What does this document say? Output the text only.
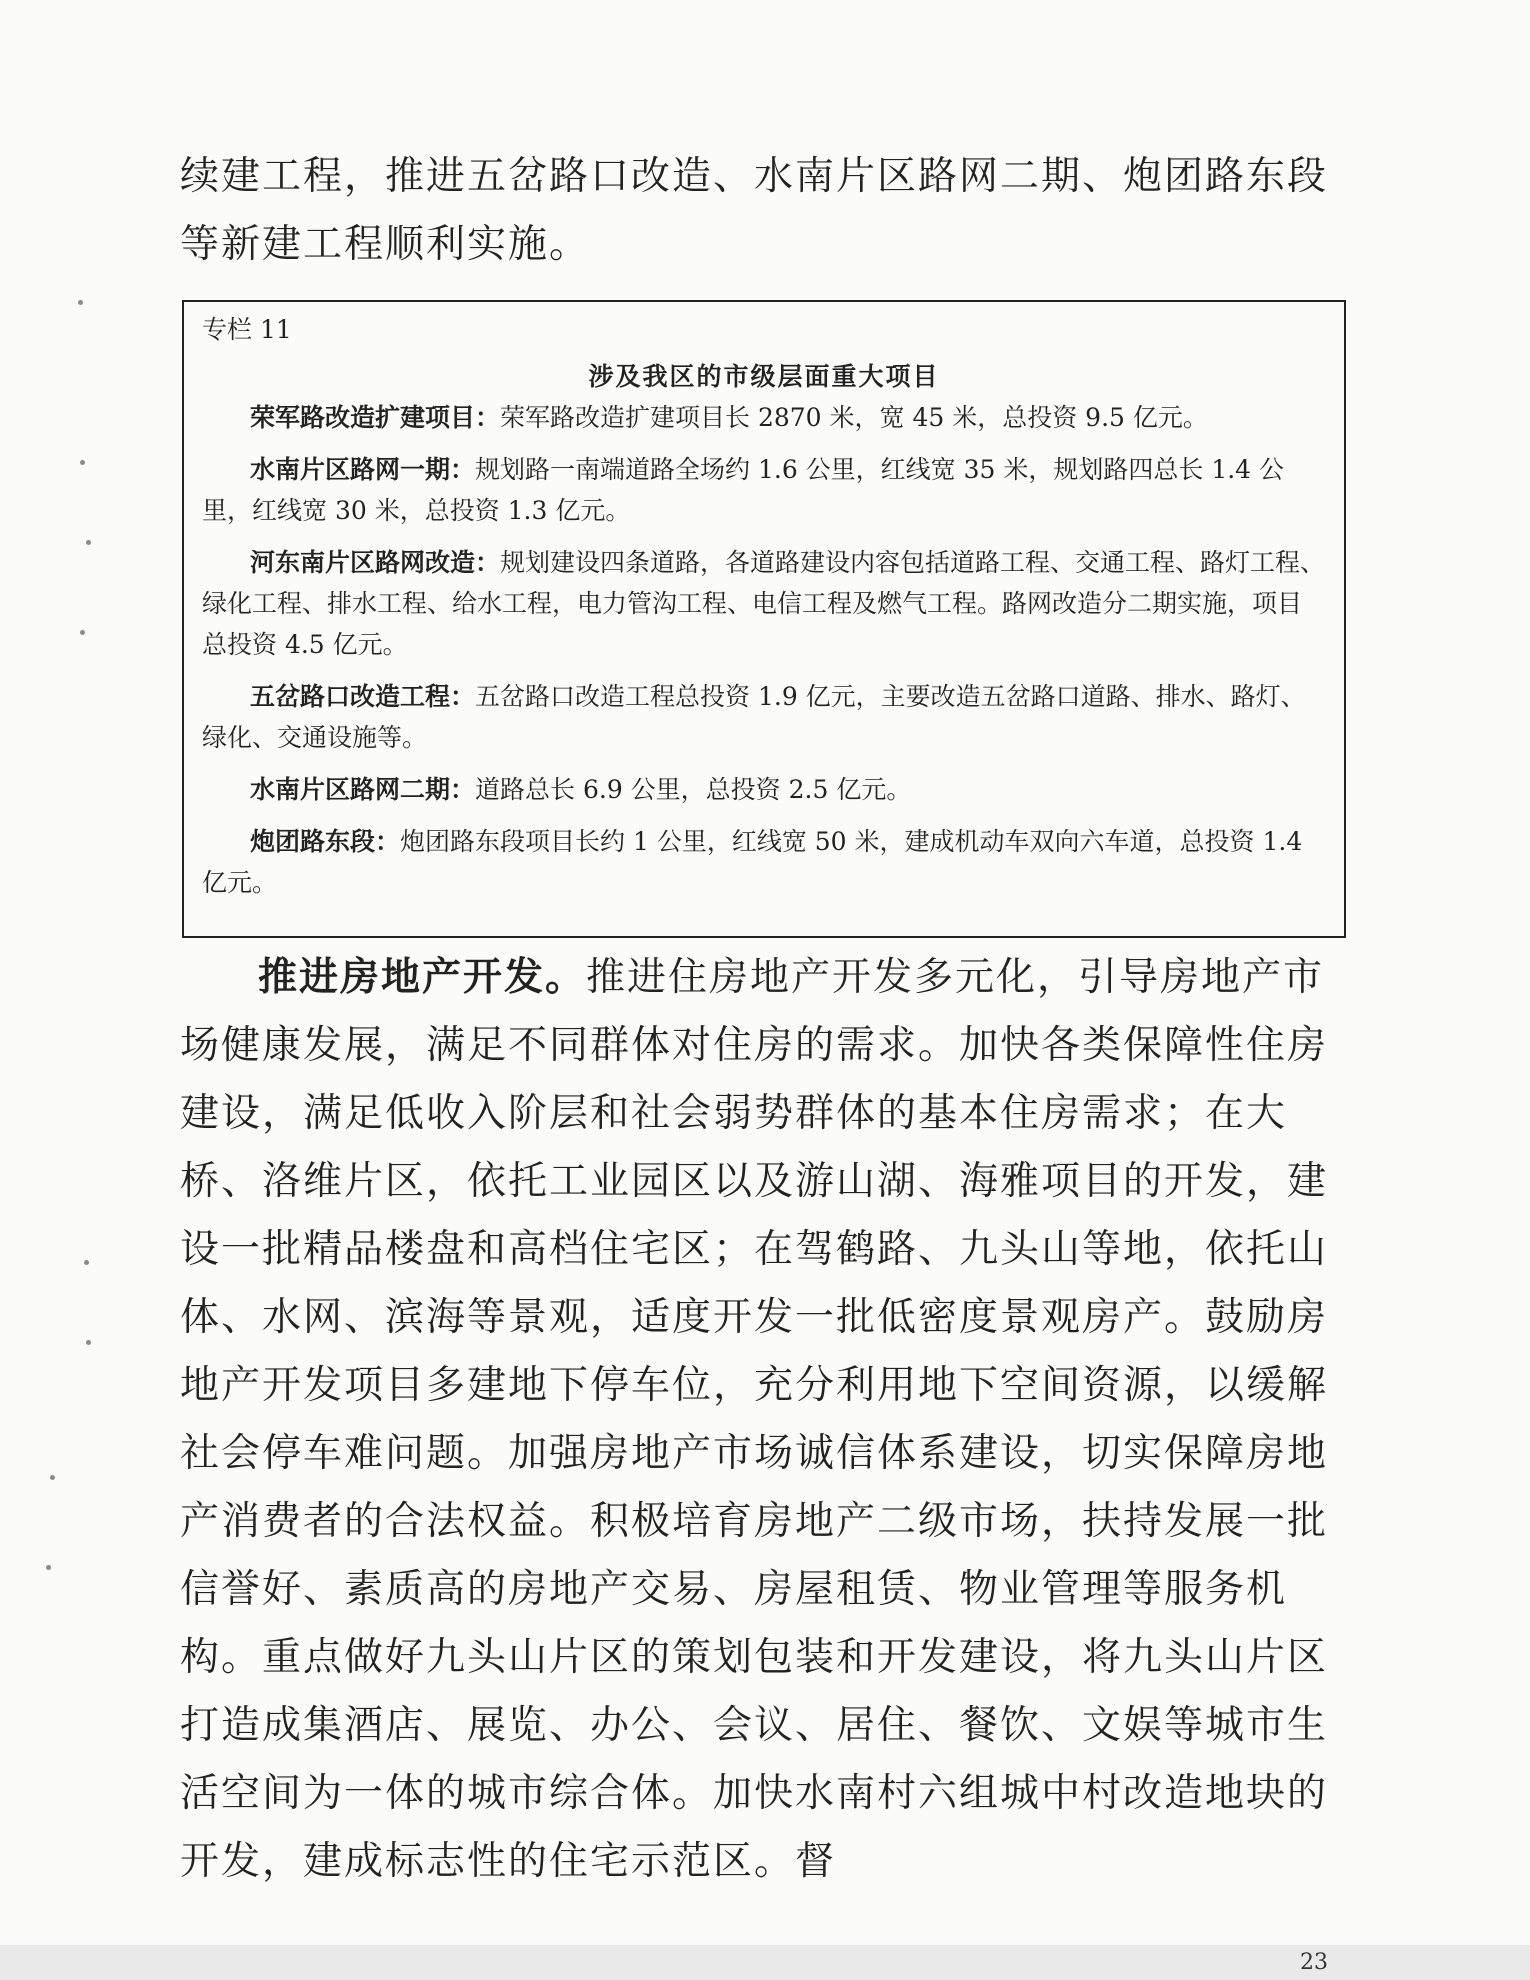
续建工程，推进五岔路口改造、水南片区路网二期、炮团路东段等新建工程顺利实施。

专栏 11

涉及我区的市级层面重大项目

荣军路改造扩建项目：荣军路改造扩建项目长 2870 米，宽 45 米，总投资 9.5 亿元。

水南片区路网一期：规划路一南端道路全场约 1.6 公里，红线宽 35 米，规划路四总长 1.4 公里，红线宽 30 米，总投资 1.3 亿元。

河东南片区路网改造：规划建设四条道路，各道路建设内容包括道路工程、交通工程、路灯工程、绿化工程、排水工程、给水工程，电力管沟工程、电信工程及燃气工程。路网改造分二期实施，项目总投资 4.5 亿元。

五岔路口改造工程：五岔路口改造工程总投资 1.9 亿元，主要改造五岔路口道路、排水、路灯、绿化、交通设施等。

水南片区路网二期：道路总长 6.9 公里，总投资 2.5 亿元。

炮团路东段：炮团路东段项目长约 1 公里，红线宽 50 米，建成机动车双向六车道，总投资 1.4 亿元。

推进房地产开发。推进住房地产开发多元化，引导房地产市场健康发展，满足不同群体对住房的需求。加快各类保障性住房建设，满足低收入阶层和社会弱势群体的基本住房需求；在大桥、洛维片区，依托工业园区以及游山湖、海雅项目的开发，建设一批精品楼盘和高档住宅区；在驾鹤路、九头山等地，依托山体、水网、滨海等景观，适度开发一批低密度景观房产。鼓励房地产开发项目多建地下停车位，充分利用地下空间资源，以缓解社会停车难问题。加强房地产市场诚信体系建设，切实保障房地产消费者的合法权益。积极培育房地产二级市场，扶持发展一批信誉好、素质高的房地产交易、房屋租赁、物业管理等服务机构。重点做好九头山片区的策划包装和开发建设，将九头山片区打造成集酒店、展览、办公、会议、居住、餐饮、文娱等城市生活空间为一体的城市综合体。加快水南村六组城中村改造地块的开发，建成标志性的住宅示范区。督

23
